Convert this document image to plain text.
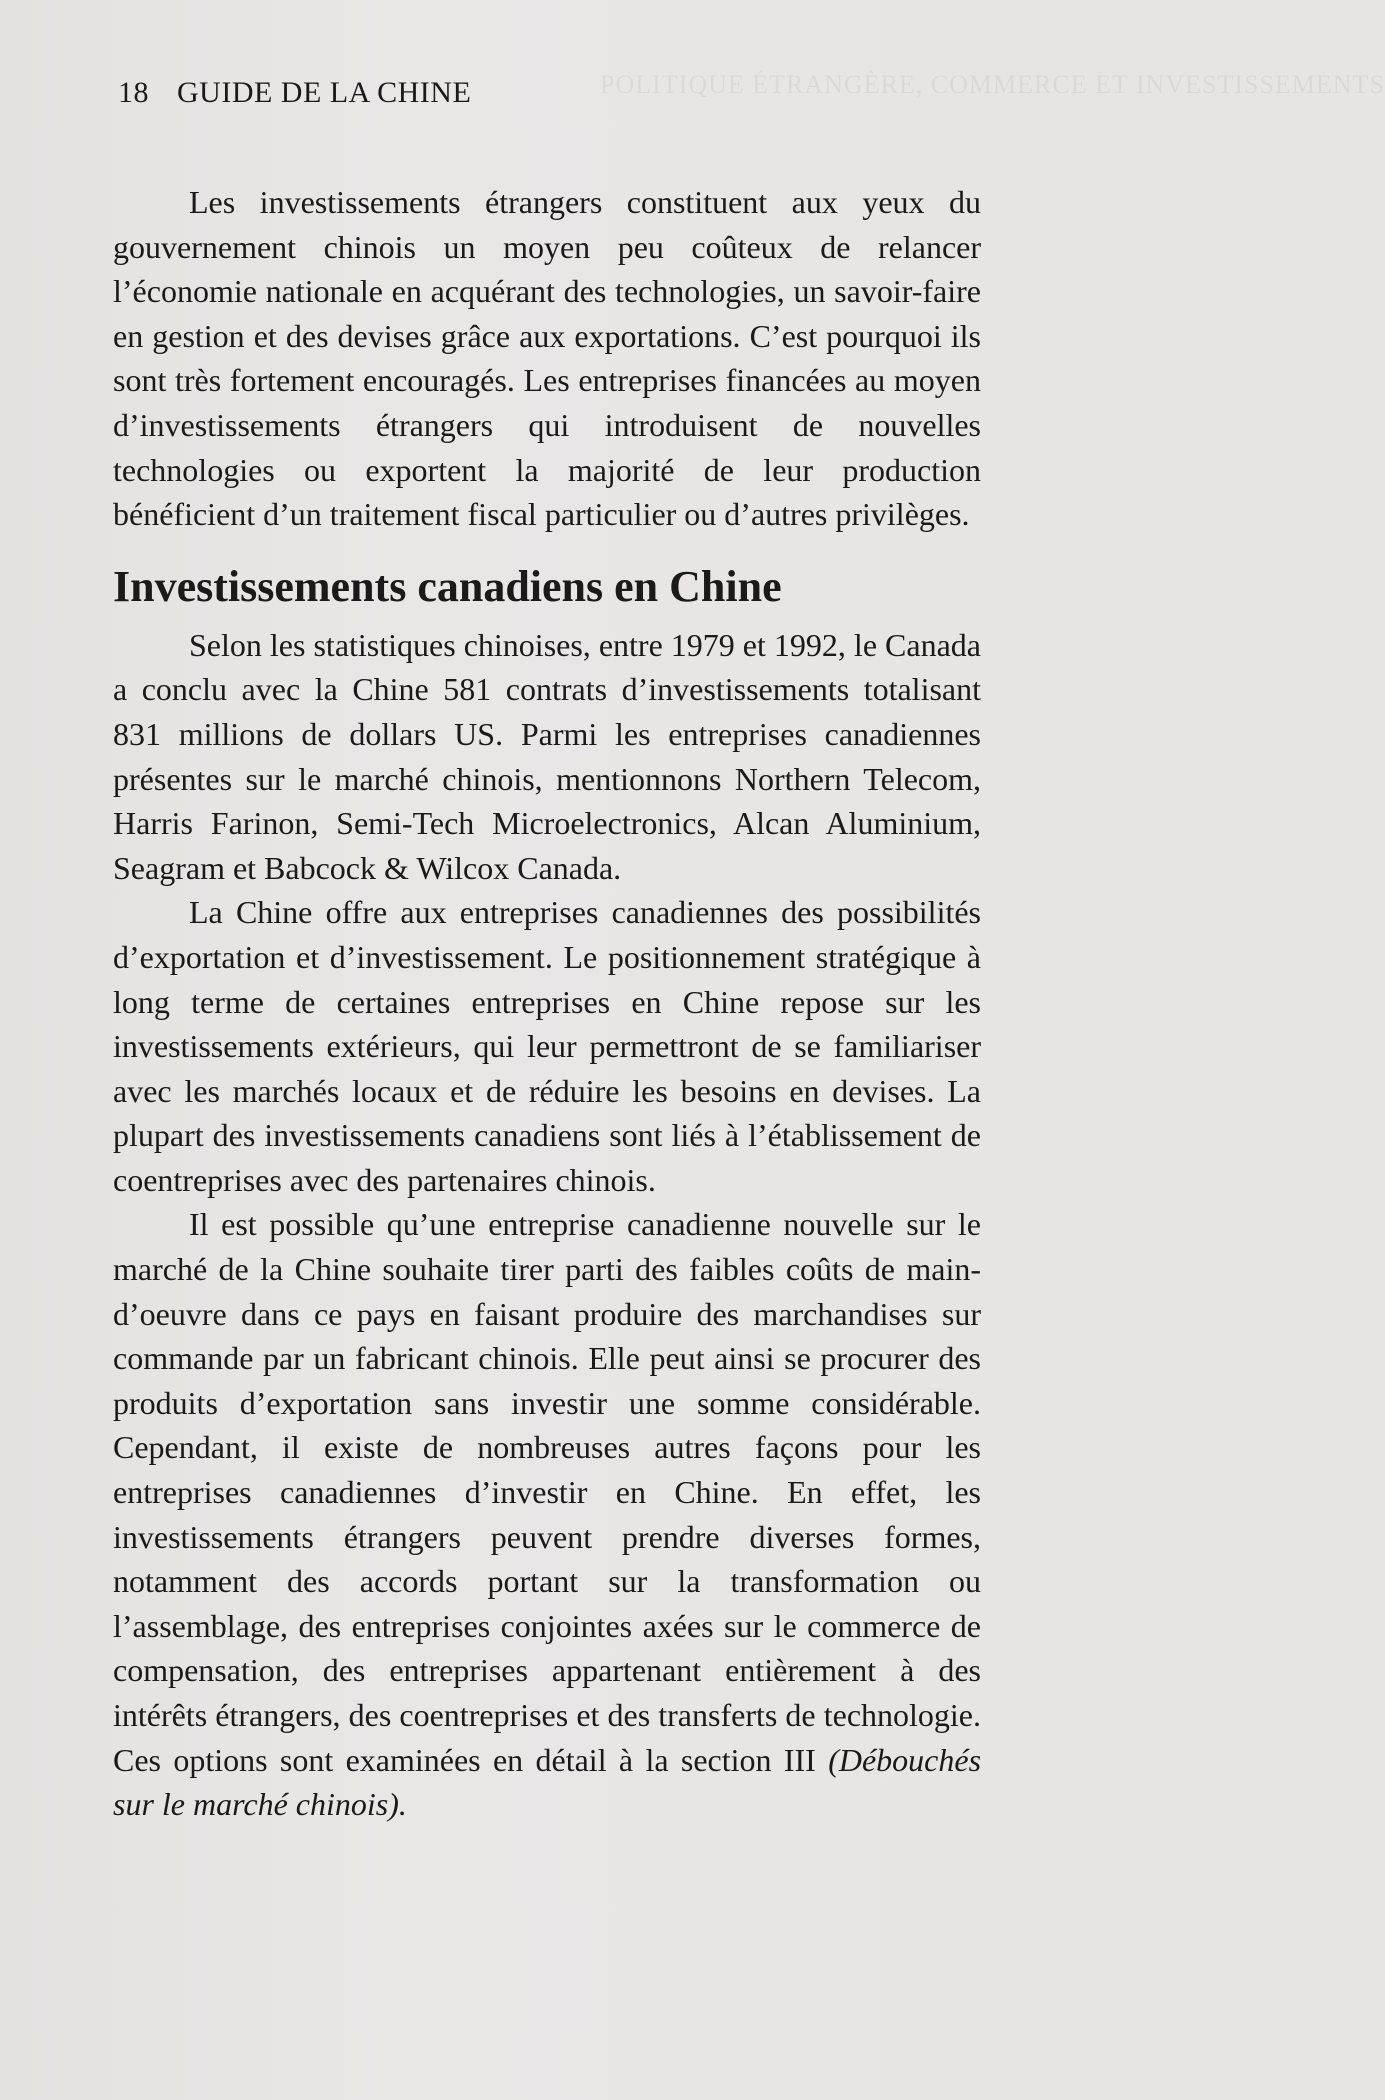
POLITIQUE ÉTRANGÈRE, COMMERCE ET INVESTISSEMENTS
18 GUIDE DE LA CHINE

Les investissements étrangers constituent aux yeux du gouvernement chinois un moyen peu coûteux de relancer l’économie nationale en acquérant des technologies, un savoir-faire en gestion et des devises grâce aux exportations. C’est pourquoi ils sont très fortement encouragés. Les entreprises financées au moyen d’investissements étrangers qui introduisent de nouvelles technologies ou exportent la majorité de leur production bénéficient d’un traitement fiscal particulier ou d’autres privilèges.

Investissements canadiens en Chine

Selon les statistiques chinoises, entre 1979 et 1992, le Canada a conclu avec la Chine 581 contrats d’investissements totalisant 831 millions de dollars US. Parmi les entreprises canadiennes présentes sur le marché chinois, mentionnons Northern Telecom, Harris Farinon, Semi-Tech Microelectronics, Alcan Aluminium, Seagram et Babcock & Wilcox Canada.

La Chine offre aux entreprises canadiennes des possibilités d’exportation et d’investissement. Le positionnement stratégique à long terme de certaines entreprises en Chine repose sur les investissements extérieurs, qui leur permettront de se familiariser avec les marchés locaux et de réduire les besoins en devises. La plupart des investissements canadiens sont liés à l’établissement de coentreprises avec des partenaires chinois.

Il est possible qu’une entreprise canadienne nouvelle sur le marché de la Chine souhaite tirer parti des faibles coûts de main-d’oeuvre dans ce pays en faisant produire des marchandises sur commande par un fabricant chinois. Elle peut ainsi se procurer des produits d’exportation sans investir une somme considérable. Cependant, il existe de nombreuses autres façons pour les entreprises canadiennes d’investir en Chine. En effet, les investissements étrangers peuvent prendre diverses formes, notamment des accords portant sur la transformation ou l’assemblage, des entreprises conjointes axées sur le commerce de compensation, des entreprises appartenant entièrement à des intérêts étrangers, des coentreprises et des transferts de technologie. Ces options sont examinées en détail à la section III (Débouchés sur le marché chinois).
